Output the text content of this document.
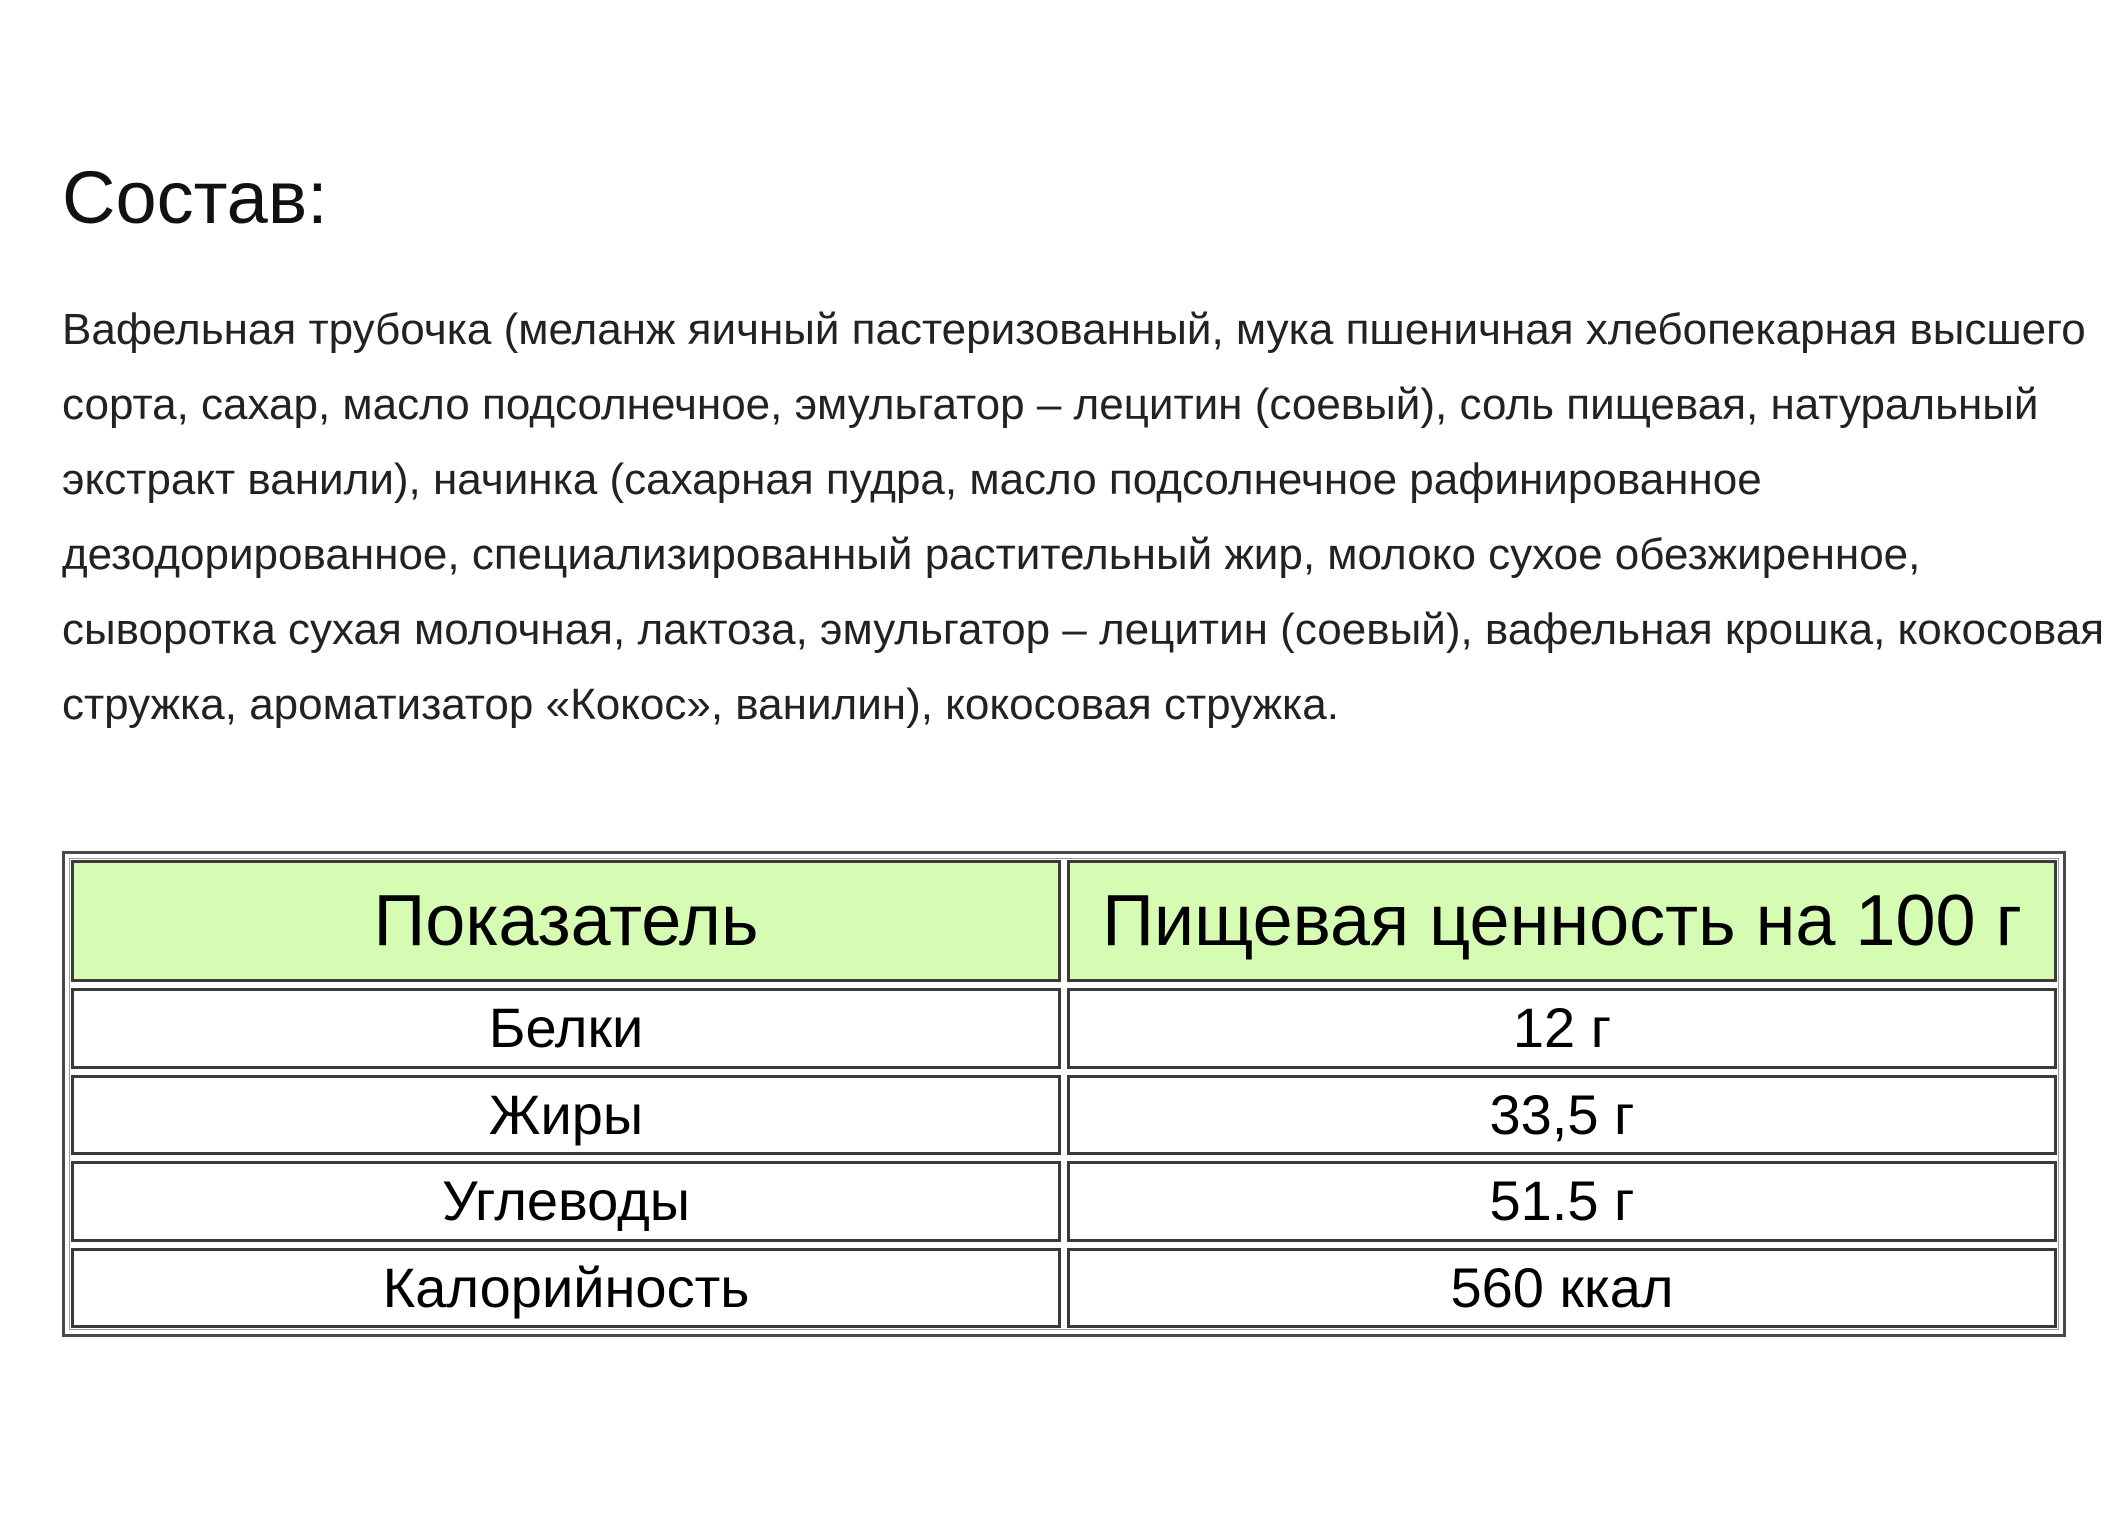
Состав:

Вафельная трубочка (меланж яичный пастеризованный, мука пшеничная хлебопекарная высшего сорта, сахар, масло подсолнечное, эмульгатор – лецитин (соевый), соль пищевая, натуральный экстракт ванили), начинка (сахарная пудра, масло подсолнечное рафинированное дезодорированное, специализированный растительный жир, молоко сухое обезжиренное, сыворотка сухая молочная, лактоза, эмульгатор – лецитин (соевый), вафельная крошка, кокосовая стружка, ароматизатор «Кокос», ванилин), кокосовая стружка.

Показатель	Пищевая ценность на 100 г
Белки	12 г
Жиры	33,5 г
Углеводы	51.5 г
Калорийность	560 ккал
